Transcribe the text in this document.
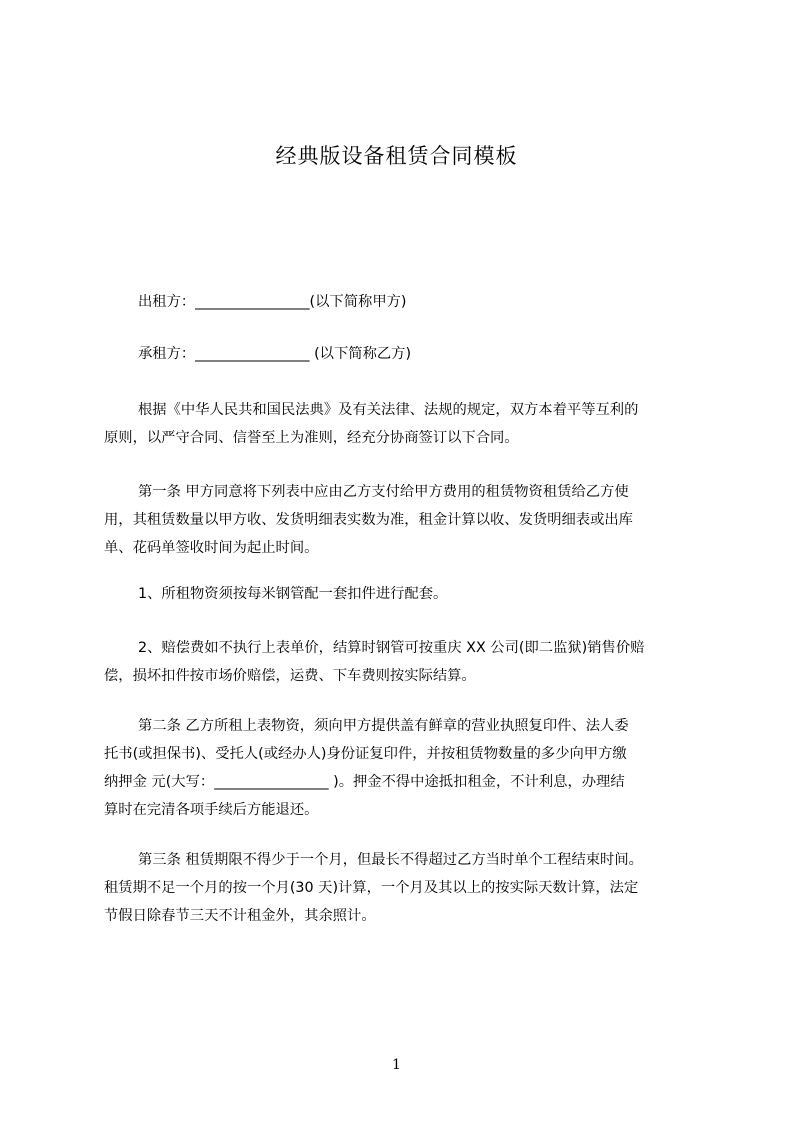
经典版设备租赁合同模板

出租方：________________(以下简称甲方)

承租方：________________ (以下简称乙方)

根据《中华人民共和国民法典》及有关法律、法规的规定，双方本着平等互利的
原则，以严守合同、信誉至上为准则，经充分协商签订以下合同。
第一条 甲方同意将下列表中应由乙方支付给甲方费用的租赁物资租赁给乙方使
用，其租赁数量以甲方收、发货明细表实数为准，租金计算以收、发货明细表或出库
单、花码单签收时间为起止时间。

1、所租物资须按每米钢管配一套扣件进行配套。

2、赔偿费如不执行上表单价，结算时钢管可按重庆 XX 公司(即二监狱)销售价赔
偿，损坏扣件按市场价赔偿，运费、下车费则按实际结算。
第二条 乙方所租上表物资，须向甲方提供盖有鲜章的营业执照复印件、法人委
托书(或担保书)、受托人(或经办人)身份证复印件，并按租赁物数量的多少向甲方缴
纳押金 元(大写：________________ )。押金不得中途抵扣租金，不计利息，办理结
算时在完清各项手续后方能退还。
第三条 租赁期限不得少于一个月，但最长不得超过乙方当时单个工程结束时间。
租赁期不足一个月的按一个月(30 天)计算，一个月及其以上的按实际天数计算，法定
节假日除春节三天不计租金外，其余照计。
1
